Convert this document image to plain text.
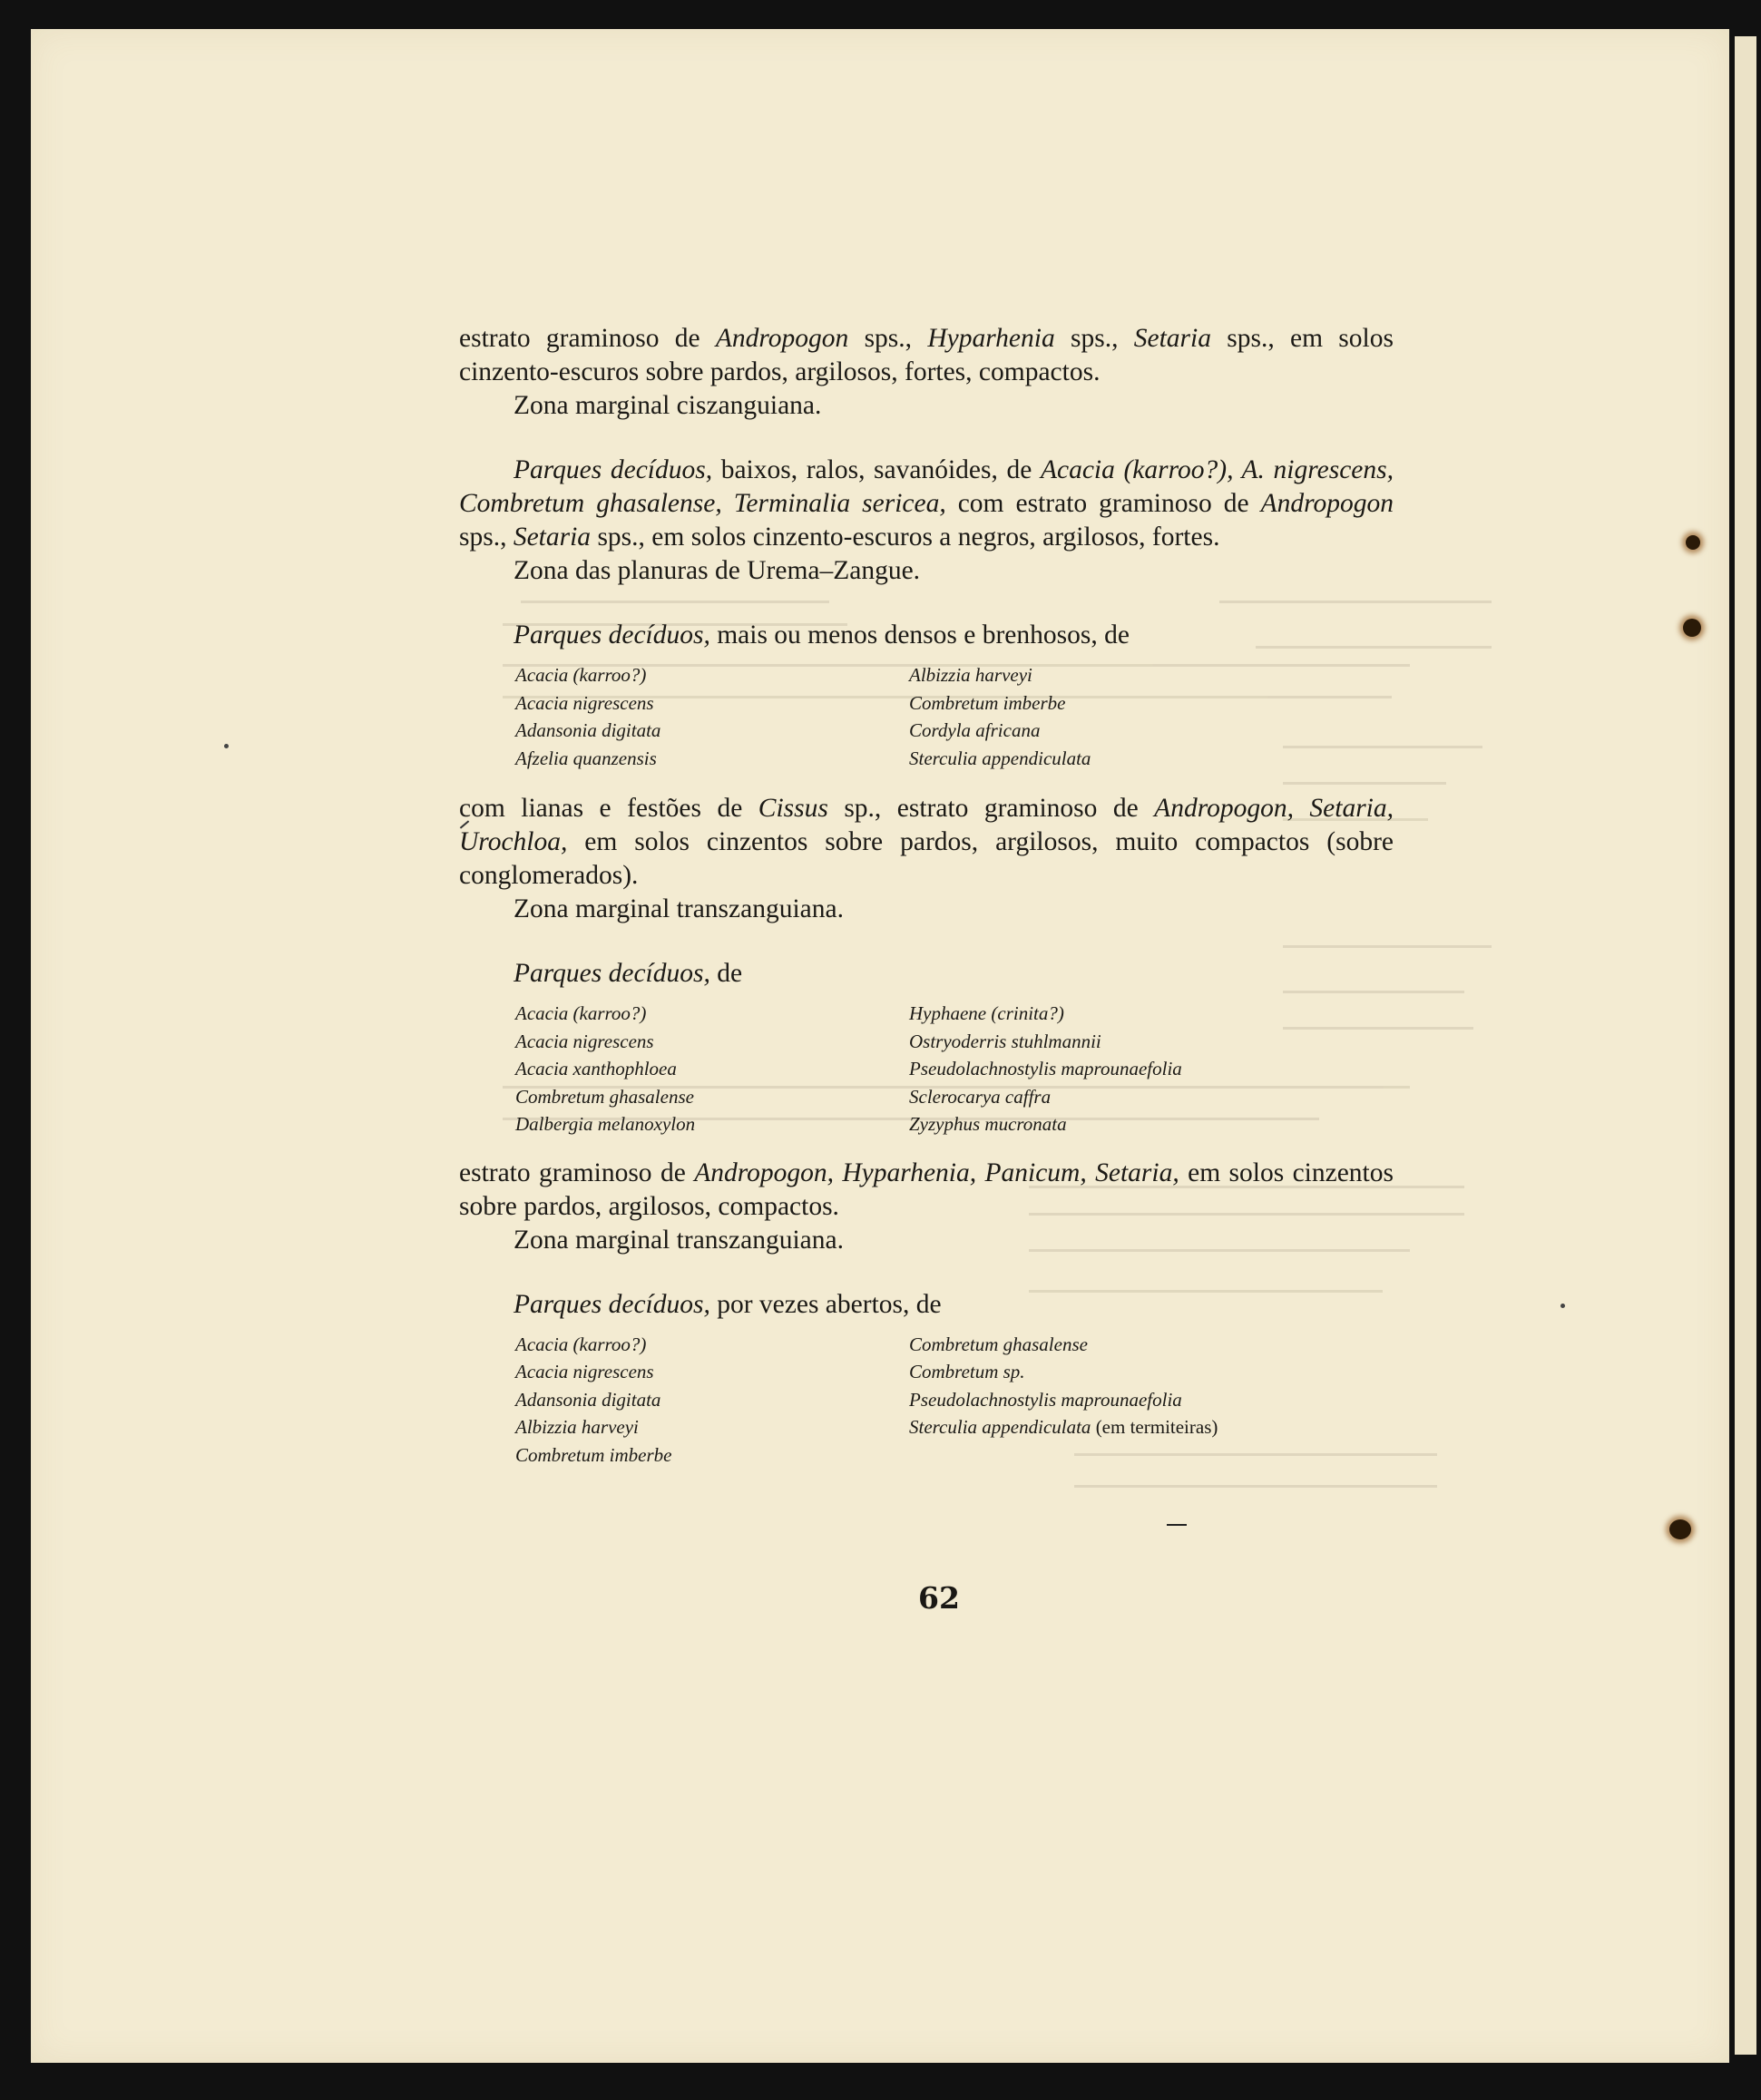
estrato graminoso de Andropogon sps., Hyparhenia sps., Setaria sps., em solos cinzento-escuros sobre pardos, argilosos, fortes, compactos.

Zona marginal ciszanguiana.

Parques decíduos, baixos, ralos, savanóides, de Acacia (karroo?), A. nigrescens, Combretum ghasalense, Terminalia sericea, com estrato graminoso de Andropogon sps., Setaria sps., em solos cinzento-escuros a negros, argilosos, fortes.

Zona das planuras de Urema–Zangue.

Parques decíduos, mais ou menos densos e brenhosos, de

Acacia (karroo?)	Albizzia harveyi
Acacia nigrescens	Combretum imberbe
Adansonia digitata	Cordyla africana
Afzelia quanzensis	Sterculia appendiculata

com lianas e festões de Cissus sp., estrato graminoso de Andropogon, Setaria, Urochloa, em solos cinzentos sobre pardos, argilosos, muito compactos (sobre conglomerados).

Zona marginal transzanguiana.

Parques decíduos, de

Acacia (karroo?)	Hyphaene (crinita?)
Acacia nigrescens	Ostryoderris stuhlmannii
Acacia xanthophloea	Pseudolachnostylis maprounaefolia
Combretum ghasalense	Sclerocarya caffra
Dalbergia melanoxylon	Zyzyphus mucronata

estrato graminoso de Andropogon, Hyparhenia, Panicum, Setaria, em solos cinzentos sobre pardos, argilosos, compactos.

Zona marginal transzanguiana.

Parques decíduos, por vezes abertos, de

Acacia (karroo?)	Combretum ghasalense
Acacia nigrescens	Combretum sp.
Adansonia digitata	Pseudolachnostylis maprounaefolia
Albizzia harveyi	Sterculia appendiculata (em termiteiras)
Combretum imberbe
62
